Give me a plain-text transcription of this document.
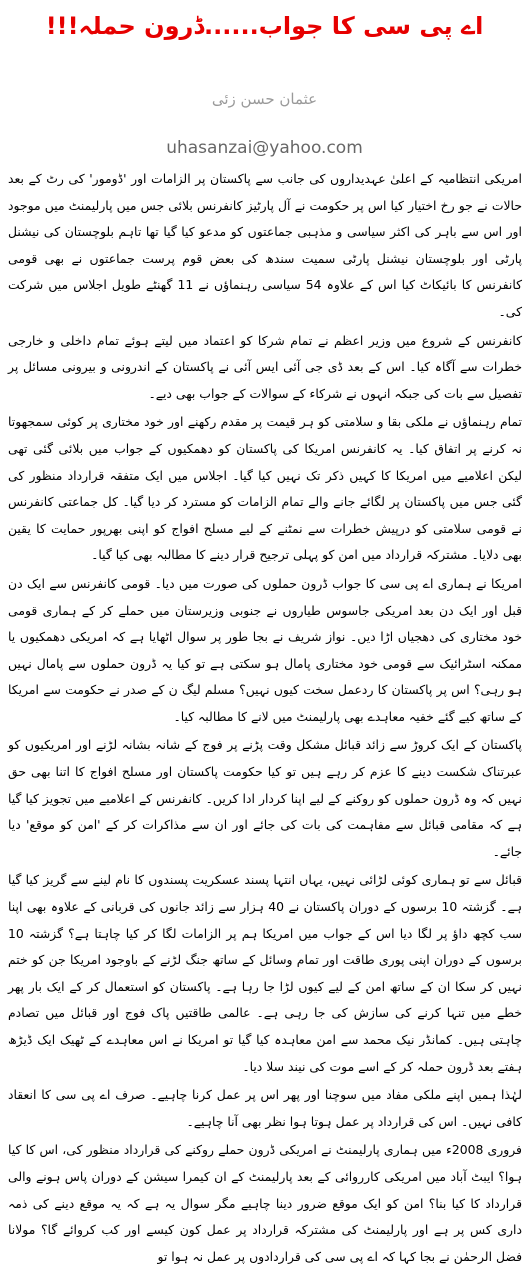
اے پی سی کا جواب......ڈرون حملہ!!!
عثمان حسن زئی
uhasanzai@yahoo.com

امریکی انتظامیہ کے اعلیٰ عہدیداروں کی جانب سے پاکستان پر الزامات اور 'ڈومور' کی رٹ کے بعد حالات نے جو رخ اختیار کیا اس پر حکومت نے آل پارٹیز کانفرنس بلائی جس میں پارلیمنٹ میں موجود اور اس سے باہر کی اکثر سیاسی و مذہبی جماعتوں کو مدعو کیا گیا تھا تاہم بلوچستان کی نیشنل پارٹی اور بلوچستان نیشنل پارٹی سمیت سندھ کی بعض قوم پرست جماعتوں نے بھی قومی کانفرنس کا بائیکاٹ کیا اس کے علاوہ 54 سیاسی رہنماؤں نے 11 گھنٹے طویل اجلاس میں شرکت کی۔

کانفرنس کے شروع میں وزیر اعظم نے تمام شرکا کو اعتماد میں لیتے ہوئے تمام داخلی و خارجی خطرات سے آگاہ کیا۔ اس کے بعد ڈی جی آئی ایس آئی نے پاکستان کے اندرونی و بیرونی مسائل پر تفصیل سے بات کی جبکہ انہوں نے شرکاء کے سوالات کے جواب بھی دیے۔

تمام رہنماؤں نے ملکی بقا و سلامتی کو ہر قیمت پر مقدم رکھنے اور خود مختاری پر کوئی سمجھوتا نہ کرنے پر اتفاق کیا۔ یہ کانفرنس امریکا کی پاکستان کو دھمکیوں کے جواب میں بلائی گئی تھی لیکن اعلامیے میں امریکا کا کہیں ذکر تک نہیں کیا گیا۔ اجلاس میں ایک متفقہ قرارداد منظور کی گئی جس میں پاکستان پر لگائے جانے والے تمام الزامات کو مسترد کر دیا گیا۔ کل جماعتی کانفرنس نے قومی سلامتی کو درپیش خطرات سے نمٹنے کے لیے مسلح افواج کو اپنی بھرپور حمایت کا یقین بھی دلایا۔ مشترکہ قرارداد میں امن کو پہلی ترجیح قرار دینے کا مطالبہ بھی کیا گیا۔

امریکا نے ہماری اے پی سی کا جواب ڈرون حملوں کی صورت میں دیا۔ قومی کانفرنس سے ایک دن قبل اور ایک دن بعد امریکی جاسوس طیاروں نے جنوبی وزیرستان میں حملے کر کے ہماری قومی خود مختاری کی دھجیاں اڑا دیں۔ نواز شریف نے بجا طور پر سوال اٹھایا ہے کہ امریکی دھمکیوں یا ممکنہ اسٹرائیک سے قومی خود مختاری پامال ہو سکتی ہے تو کیا یہ ڈرون حملوں سے پامال نہیں ہو رہی؟ اس پر پاکستان کا ردعمل سخت کیوں نہیں؟ مسلم لیگ ن کے صدر نے حکومت سے امریکا کے ساتھ کیے گئے خفیہ معاہدے بھی پارلیمنٹ میں لانے کا مطالبہ کیا۔

پاکستان کے ایک کروڑ سے زائد قبائل مشکل وقت پڑنے پر فوج کے شانہ بشانہ لڑنے اور امریکیوں کو عبرتناک شکست دینے کا عزم کر رہے ہیں تو کیا حکومت پاکستان اور مسلح افواج کا اتنا بھی حق نہیں کہ وہ ڈرون حملوں کو روکنے کے لیے اپنا کردار ادا کریں۔ کانفرنس کے اعلامیے میں تجویز کیا گیا ہے کہ مقامی قبائل سے مفاہمت کی بات کی جائے اور ان سے مذاکرات کر کے 'امن کو موقع' دیا جائے۔

قبائل سے تو ہماری کوئی لڑائی نہیں، یہاں انتہا پسند عسکریت پسندوں کا نام لینے سے گریز کیا گیا ہے۔ گزشتہ 10 برسوں کے دوران پاکستان نے 40 ہزار سے زائد جانوں کی قربانی کے علاوہ بھی اپنا سب کچھ داؤ پر لگا دیا اس کے جواب میں امریکا ہم پر الزامات لگا کر کیا چاہتا ہے؟ گزشتہ 10 برسوں کے دوران اپنی پوری طاقت اور تمام وسائل کے ساتھ جنگ لڑنے کے باوجود امریکا جن کو ختم نہیں کر سکا ان کے ساتھ امن کے لیے کیوں لڑا جا رہا ہے۔ پاکستان کو استعمال کر کے ایک بار پھر خطے میں تنہا کرنے کی سازش کی جا رہی ہے۔ عالمی طاقتیں پاک فوج اور قبائل میں تصادم چاہتی ہیں۔ کمانڈر نیک محمد سے امن معاہدہ کیا گیا تو امریکا نے اس معاہدے کے ٹھیک ایک ڈیڑھ ہفتے بعد ڈرون حملہ کر کے اسے موت کی نیند سلا دیا۔

لہٰذا ہمیں اپنے ملکی مفاد میں سوچنا اور پھر اس پر عمل کرنا چاہیے۔ صرف اے پی سی کا انعقاد کافی نہیں۔ اس کی قرارداد پر عمل ہوتا ہوا نظر بھی آنا چاہیے۔

فروری 2008ء میں ہماری پارلیمنٹ نے امریکی ڈرون حملے روکنے کی قرارداد منظور کی، اس کا کیا ہوا؟ ایبٹ آباد میں امریکی کارروائی کے بعد پارلیمنٹ کے ان کیمرا سیشن کے دوران پاس ہونے والی قرارداد کا کیا بنا؟ امن کو ایک موقع ضرور دینا چاہیے مگر سوال یہ ہے کہ یہ موقع دینے کی ذمہ داری کس پر ہے اور پارلیمنٹ کی مشترکہ قرارداد پر عمل کون کیسے اور کب کروائے گا؟ مولانا فضل الرحمٰن نے بجا کہا کہ اے پی سی کی قراردادوں پر عمل نہ ہوا تو
